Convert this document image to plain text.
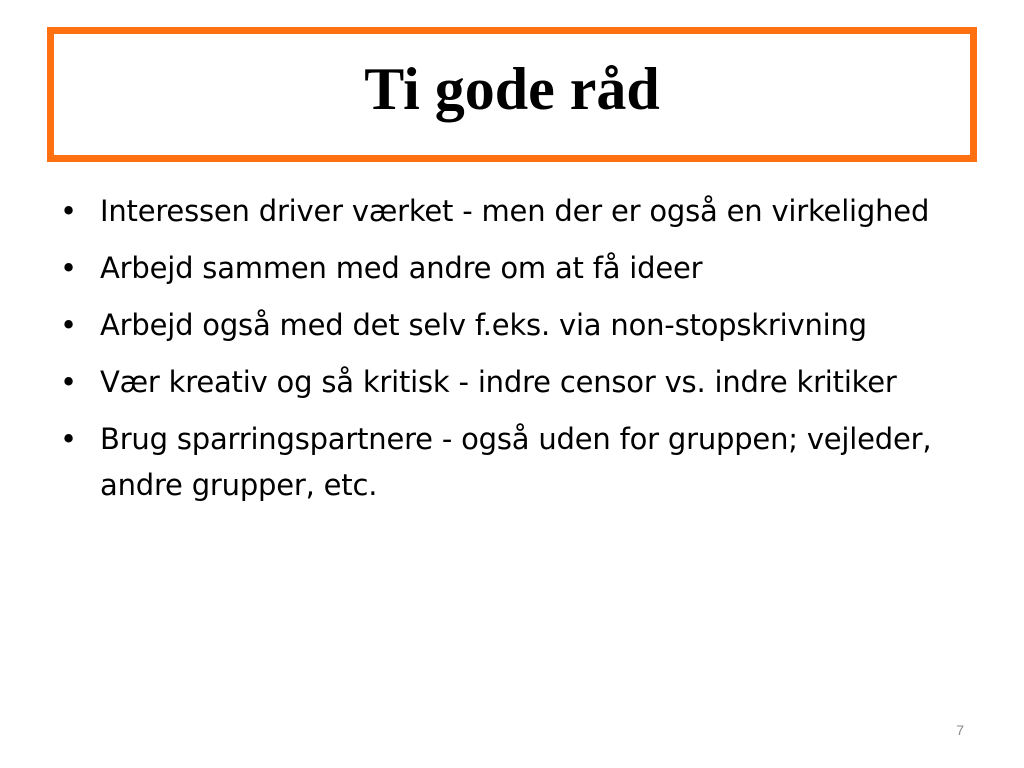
Ti gode råd
• Interessen driver værket - men der er også en virkelighed
• Arbejd sammen med andre om at få ideer
• Arbejd også med det selv f.eks. via non-stopskrivning
• Vær kreativ og så kritisk - indre censor vs. indre kritiker
• Brug sparringspartnere - også uden for gruppen; vejleder, andre grupper, etc.
7
